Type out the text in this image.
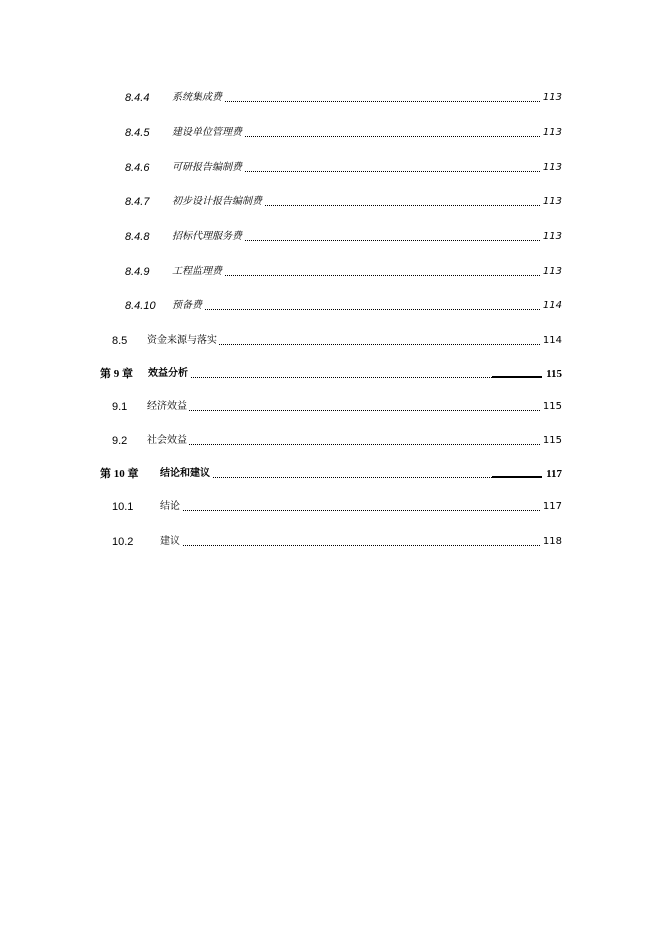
8.4.4 系统集成费	113
8.4.5 建设单位管理费	113
8.4.6 可研报告编制费	113
8.4.7 初步设计报告编制费	113
8.4.8 招标代理服务费	113
8.4.9 工程监理费	113
8.4.10 预备费	114
8.5 资金来源与落实	114
第 9 章 效益分析	115
9.1 经济效益	115
9.2 社会效益	115
第 10 章 结论和建议	117
10.1	结论	117
10.2	建议	118
